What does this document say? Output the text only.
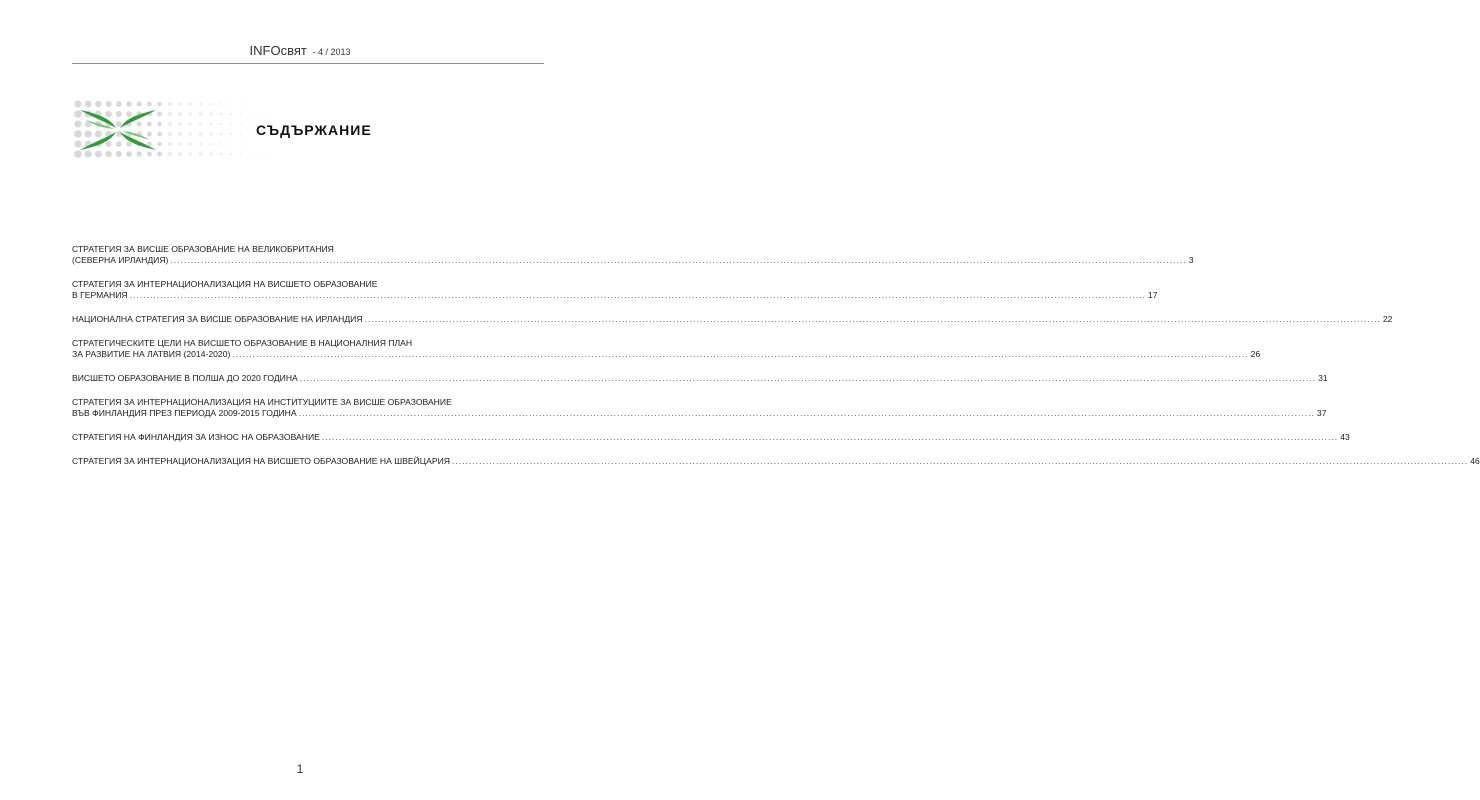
INFOсвят - 4 / 2013
СЪДЪРЖАНИЕ
СТРАТЕГИЯ ЗА ВИСШЕ ОБРАЗОВАНИЕ НА ВЕЛИКОБРИТАНИЯ
(СЕВЕРНА ИРЛАНДИЯ) ............................................................................................................................................................................................................................................................................................................ 3
СТРАТЕГИЯ ЗА ИНТЕРНАЦИОНАЛИЗАЦИЯ НА ВИСШЕТО ОБРАЗОВАНИЕ
В ГЕРМАНИЯ ............................................................................................................................................................................................................................................................................................................ 17
НАЦИОНАЛНА СТРАТЕГИЯ ЗА ВИСШЕ ОБРАЗОВАНИЕ НА ИРЛАНДИЯ ............................................................................................................................................................................................................................................................................................................ 22
СТРАТЕГИЧЕСКИТЕ ЦЕЛИ НА ВИСШЕТО ОБРАЗОВАНИЕ В НАЦИОНАЛНИЯ ПЛАН
ЗА РАЗВИТИЕ НА ЛАТВИЯ (2014-2020) ............................................................................................................................................................................................................................................................................................................ 26
ВИСШЕТО ОБРАЗОВАНИЕ В ПОЛША ДО 2020 ГОДИНА ............................................................................................................................................................................................................................................................................................................ 31
СТРАТЕГИЯ ЗА ИНТЕРНАЦИОНАЛИЗАЦИЯ НА ИНСТИТУЦИИТЕ ЗА ВИСШЕ ОБРАЗОВАНИЕ
ВЪВ ФИНЛАНДИЯ ПРЕЗ ПЕРИОДА 2009-2015 ГОДИНА ............................................................................................................................................................................................................................................................................................................ 37
СТРАТЕГИЯ НА ФИНЛАНДИЯ ЗА ИЗНОС НА ОБРАЗОВАНИЕ ............................................................................................................................................................................................................................................................................................................ 43
СТРАТЕГИЯ ЗА ИНТЕРНАЦИОНАЛИЗАЦИЯ НА ВИСШЕТО ОБРАЗОВАНИЕ НА ШВЕЙЦАРИЯ ............................................................................................................................................................................................................................................................................................................ 46
1
